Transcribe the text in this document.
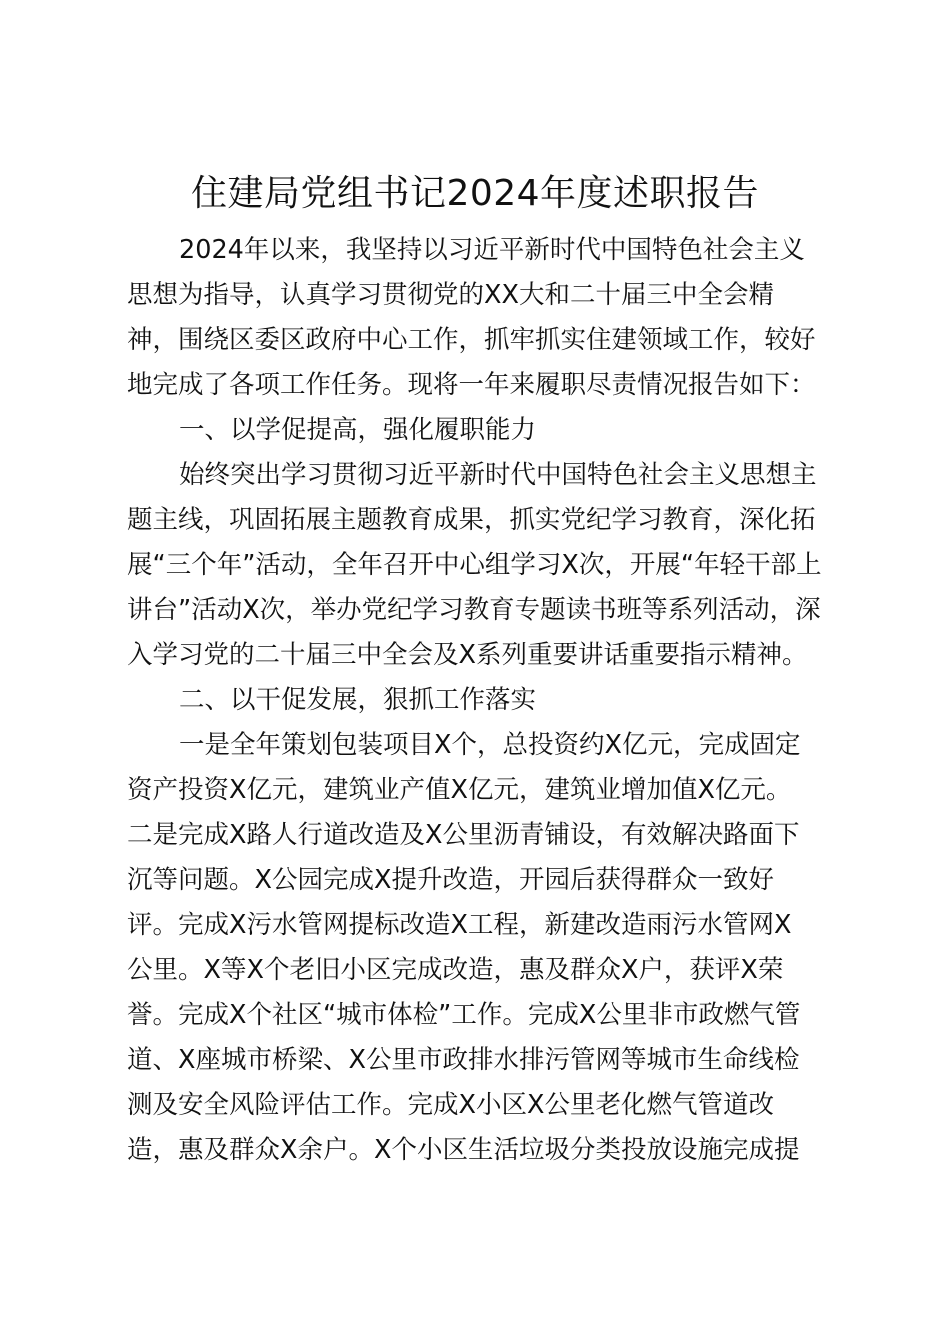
住建局党组书记2024年度述职报告
2024年以来，我坚持以习近平新时代中国特色社会主义
思想为指导，认真学习贯彻党的XX大和二十届三中全会精
神，围绕区委区政府中心工作，抓牢抓实住建领域工作，较好
地完成了各项工作任务。现将一年来履职尽责情况报告如下：
一、以学促提高，强化履职能力
始终突出学习贯彻习近平新时代中国特色社会主义思想主
题主线，巩固拓展主题教育成果，抓实党纪学习教育，深化拓
展“三个年”活动，全年召开中心组学习X次，开展“年轻干部上
讲台”活动X次，举办党纪学习教育专题读书班等系列活动，深
入学习党的二十届三中全会及X系列重要讲话重要指示精神。
二、以干促发展，狠抓工作落实
一是全年策划包装项目X个，总投资约X亿元，完成固定
资产投资X亿元，建筑业产值X亿元，建筑业增加值X亿元。
二是完成X路人行道改造及X公里沥青铺设，有效解决路面下
沉等问题。X公园完成X提升改造，开园后获得群众一致好
评。完成X污水管网提标改造X工程，新建改造雨污水管网X
公里。X等X个老旧小区完成改造，惠及群众X户，获评X荣
誉。完成X个社区“城市体检”工作。完成X公里非市政燃气管
道、X座城市桥梁、X公里市政排水排污管网等城市生命线检
测及安全风险评估工作。完成X小区X公里老化燃气管道改
造，惠及群众X余户。X个小区生活垃圾分类投放设施完成提
